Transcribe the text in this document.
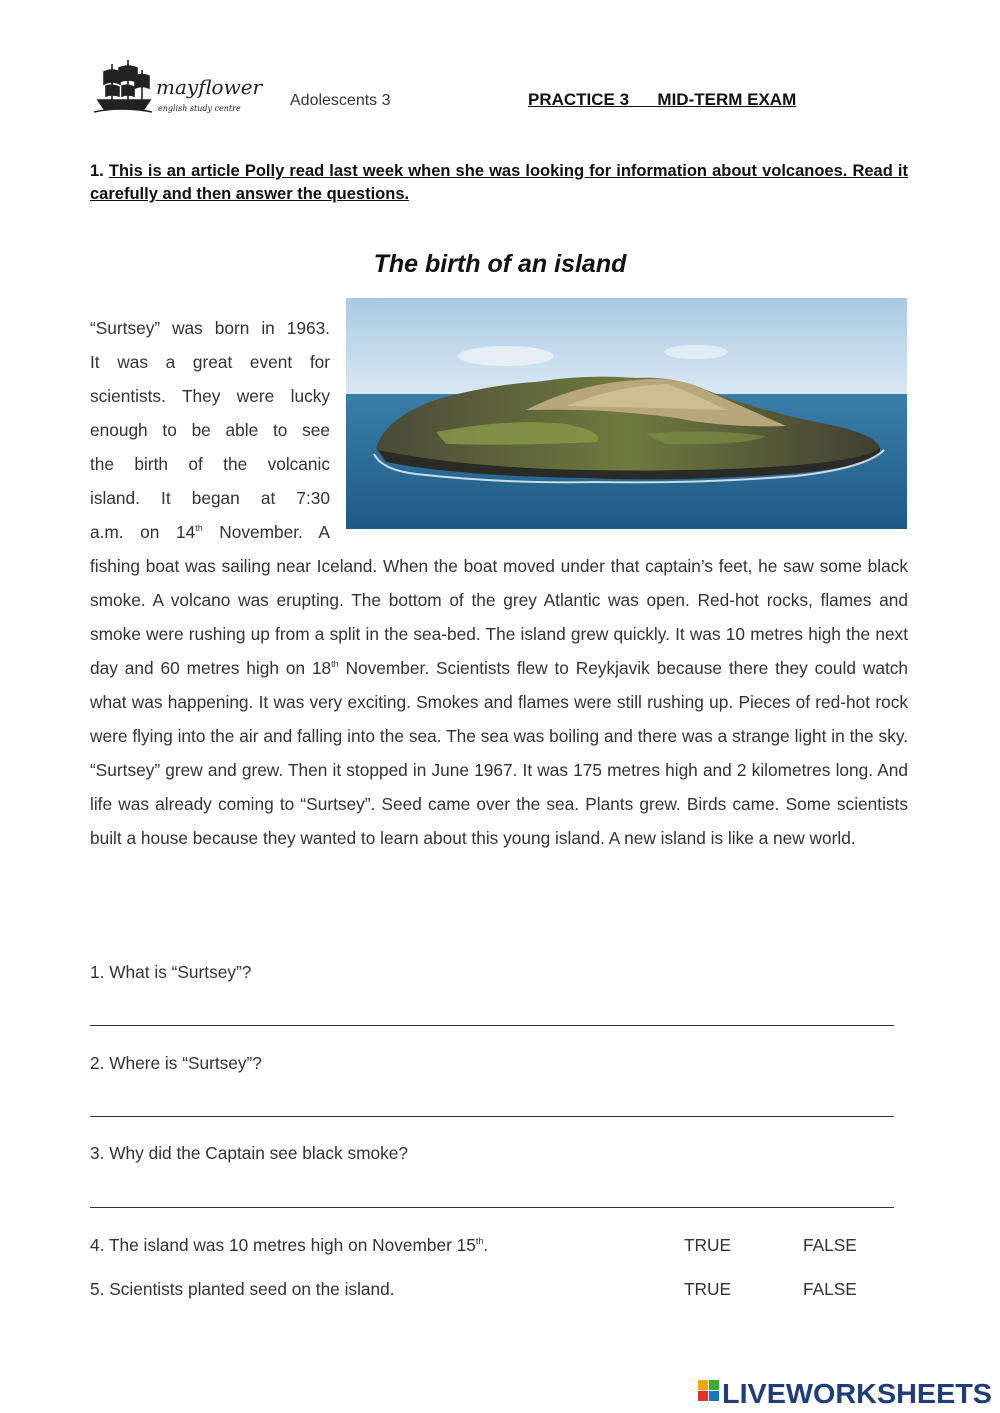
mayflower
english study centre	Adolescents 3	PRACTICE 3      MID-TERM EXAM
1. This is an article Polly read last week when she was looking for information about volcanoes. Read it carefully and then answer the questions.
The birth of an island
“Surtsey” was born in 1963.
It was a great event for
scientists. They were lucky
enough to be able to see
the birth of the volcanic
island. It began at 7:30
a.m. on 14th November. A
fishing boat was sailing near Iceland. When the boat moved under that captain’s feet, he saw some black smoke. A volcano was erupting. The bottom of the grey Atlantic was open. Red-hot rocks, flames and smoke were rushing up from a split in the sea-bed. The island grew quickly. It was 10 metres high the next day and 60 metres high on 18th November. Scientists flew to Reykjavik because there they could watch what was happening. It was very exciting. Smokes and flames were still rushing up. Pieces of red-hot rock were flying into the air and falling into the sea. The sea was boiling and there was a strange light in the sky. “Surtsey” grew and grew. Then it stopped in June 1967. It was 175 metres high and 2 kilometres long. And life was already coming to “Surtsey”. Seed came over the sea. Plants grew. Birds came. Some scientists built a house because they wanted to learn about this young island. A new island is like a new world.
1. What is “Surtsey”?
2. Where is “Surtsey”?
3. Why did the Captain see black smoke?
4. The island was 10 metres high on November 15th.	TRUE	FALSE
5. Scientists planted seed on the island.	TRUE	FALSE
LIVEWORKSHEETS
